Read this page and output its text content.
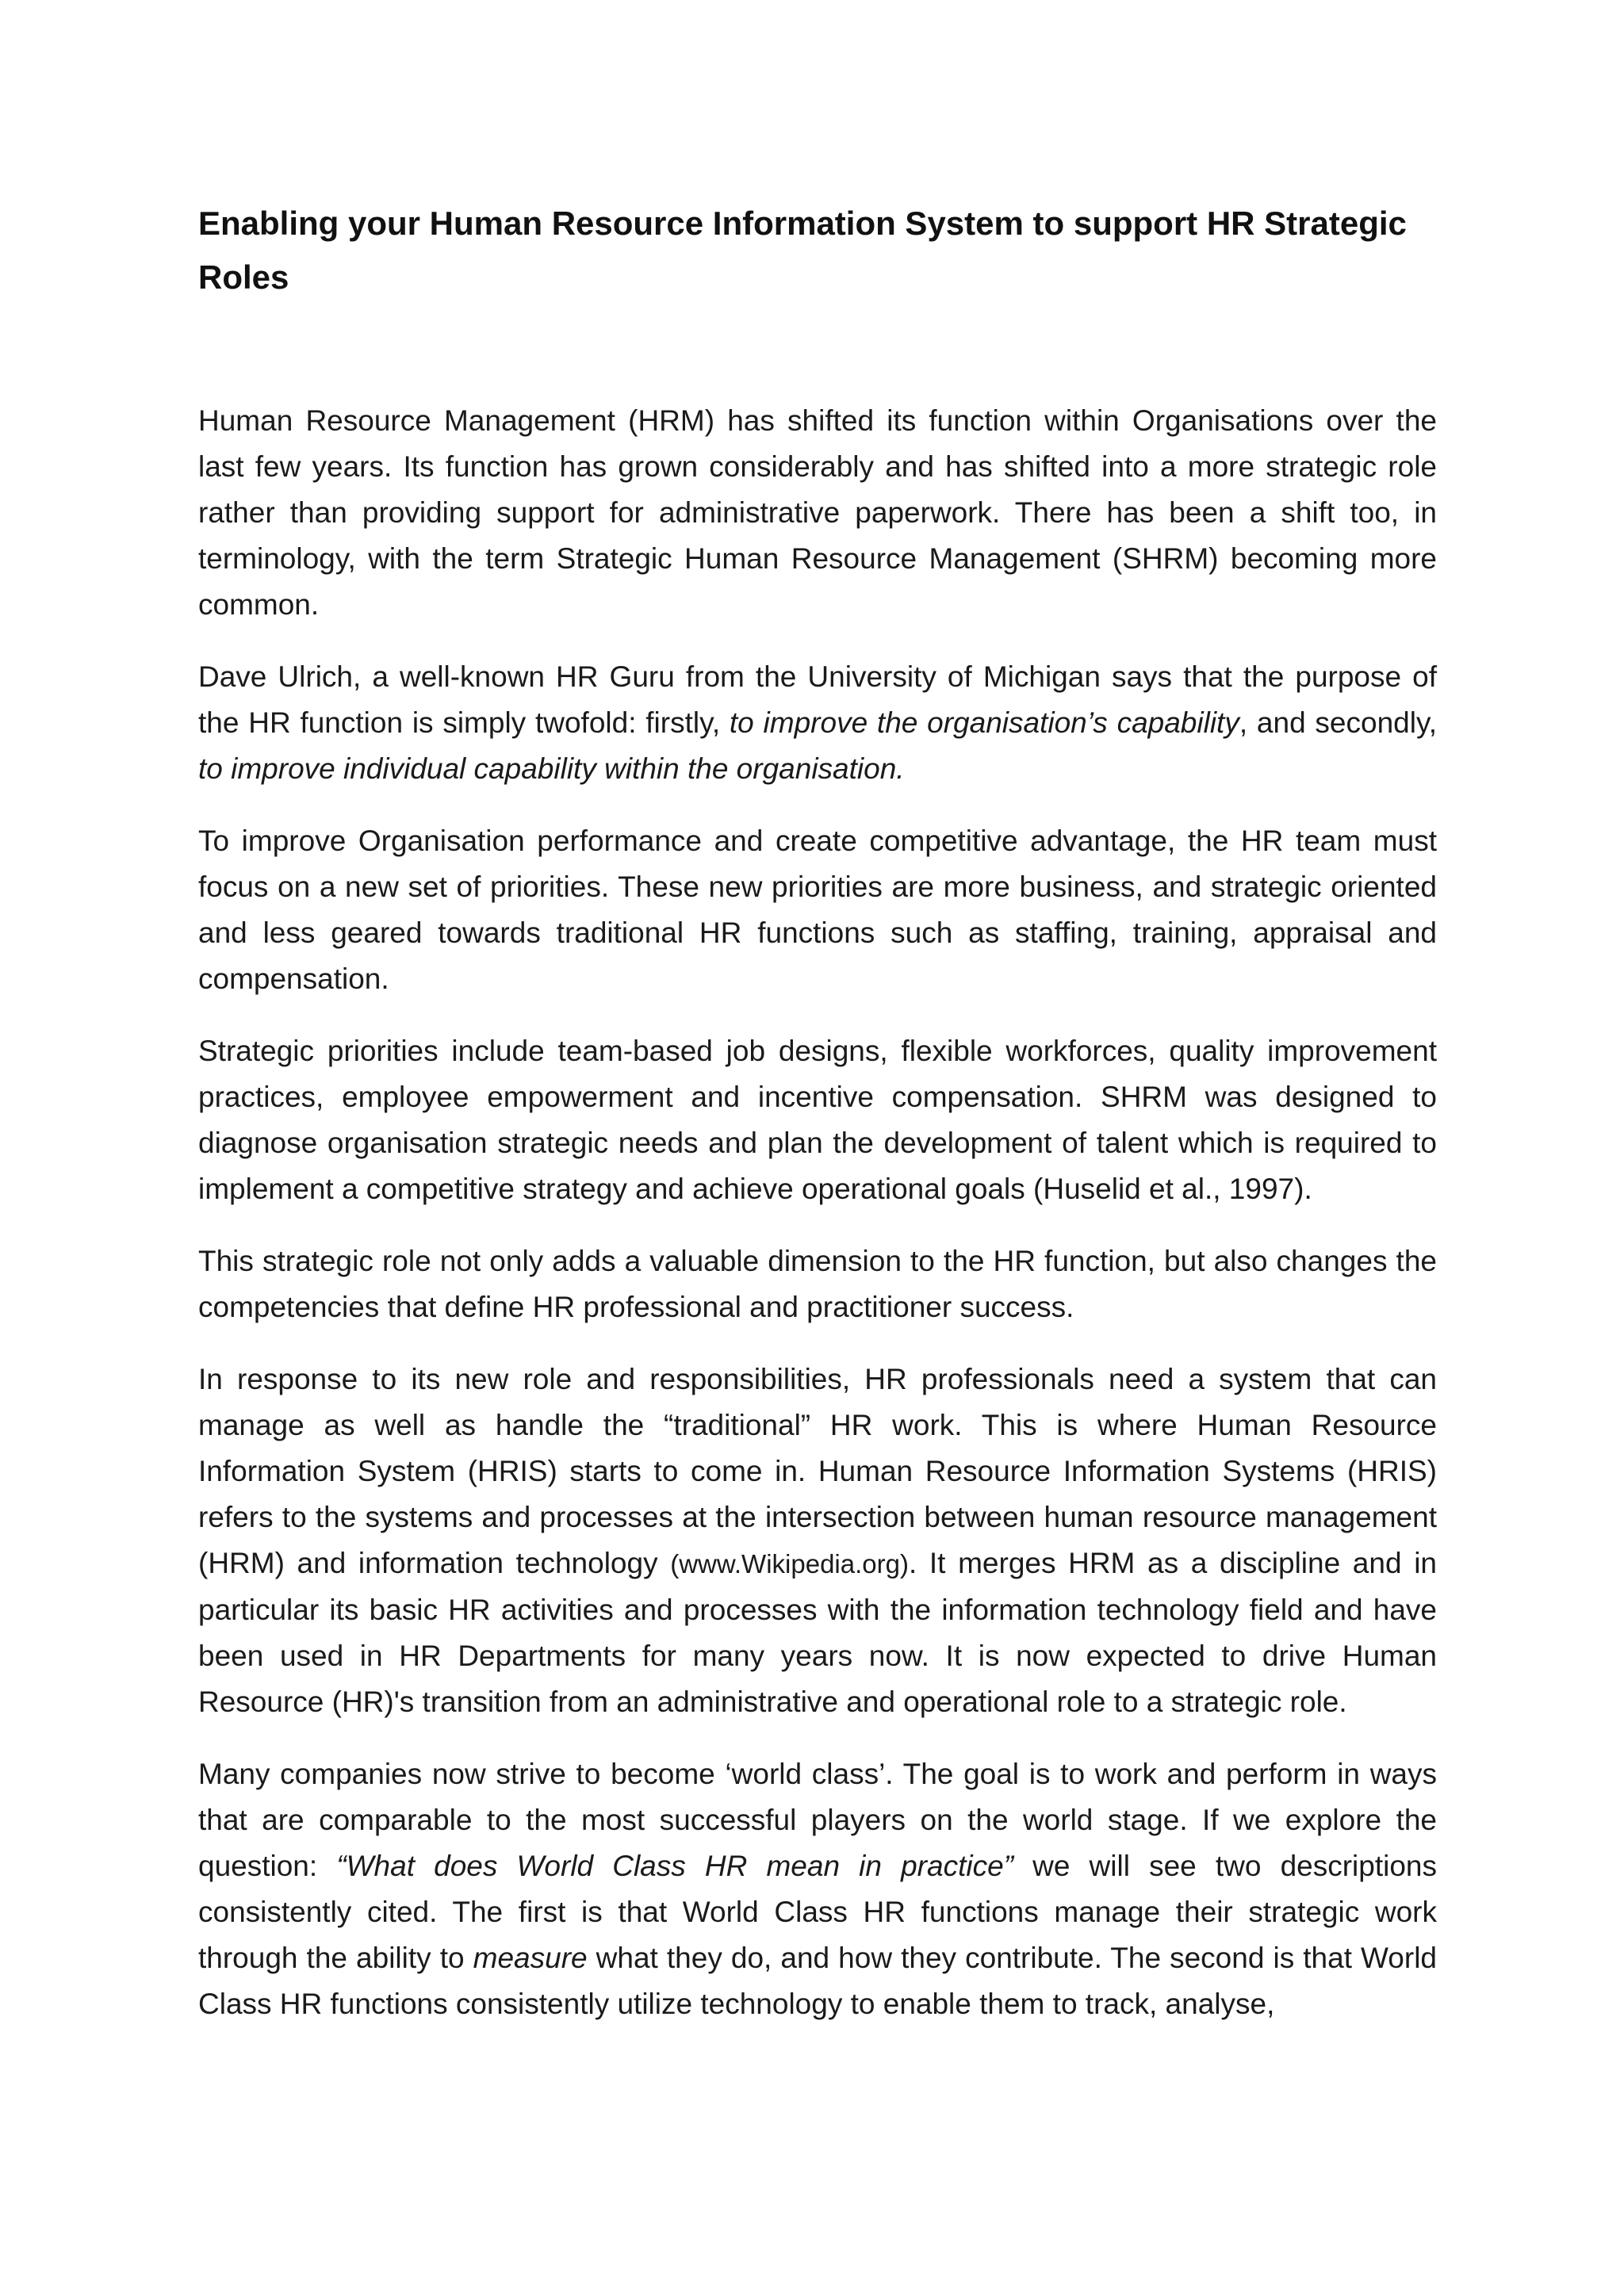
Enabling your Human Resource Information System to support HR Strategic Roles

Human Resource Management (HRM) has shifted its function within Organisations over the last few years. Its function has grown considerably and has shifted into a more strategic role rather than providing support for administrative paperwork. There has been a shift too, in terminology, with the term Strategic Human Resource Management (SHRM) becoming more common.

Dave Ulrich, a well-known HR Guru from the University of Michigan says that the purpose of the HR function is simply twofold: firstly, to improve the organisation’s capability, and secondly, to improve individual capability within the organisation.

To improve Organisation performance and create competitive advantage, the HR team must focus on a new set of priorities. These new priorities are more business, and strategic oriented and less geared towards traditional HR functions such as staffing, training, appraisal and compensation.

Strategic priorities include team-based job designs, flexible workforces, quality improvement practices, employee empowerment and incentive compensation. SHRM was designed to diagnose organisation strategic needs and plan the development of talent which is required to implement a competitive strategy and achieve operational goals (Huselid et al., 1997).

This strategic role not only adds a valuable dimension to the HR function, but also changes the competencies that define HR professional and practitioner success.

In response to its new role and responsibilities, HR professionals need a system that can manage as well as handle the “traditional” HR work. This is where Human Resource Information System (HRIS) starts to come in. Human Resource Information Systems (HRIS) refers to the systems and processes at the intersection between human resource management (HRM) and information technology (www.Wikipedia.org). It merges HRM as a discipline and in particular its basic HR activities and processes with the information technology field and have been used in HR Departments for many years now. It is now expected to drive Human Resource (HR)'s transition from an administrative and operational role to a strategic role.

Many companies now strive to become ‘world class’. The goal is to work and perform in ways that are comparable to the most successful players on the world stage. If we explore the question: “What does World Class HR mean in practice” we will see two descriptions consistently cited. The first is that World Class HR functions manage their strategic work through the ability to measure what they do, and how they contribute. The second is that World Class HR functions consistently utilize technology to enable them to track, analyse,
